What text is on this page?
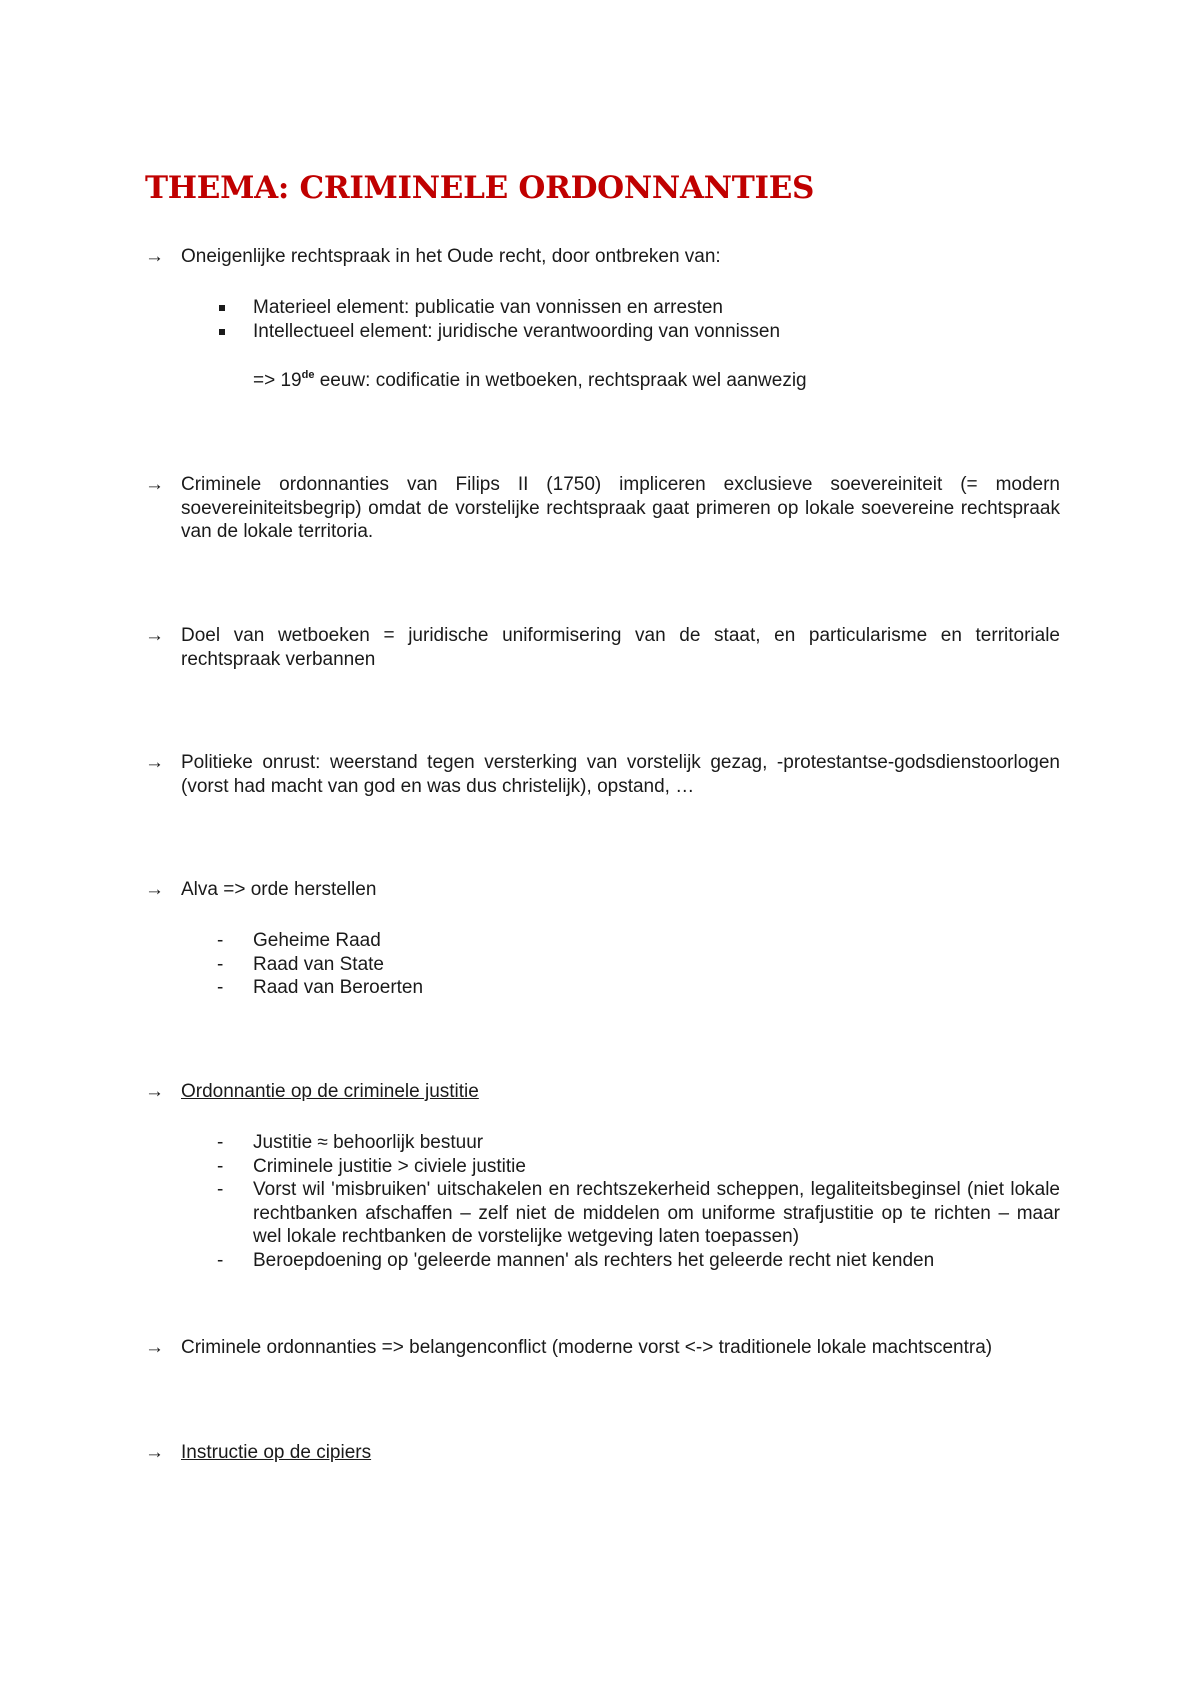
THEMA: CRIMINELE ORDONNANTIES
→ Oneigenlijke rechtspraak in het Oude recht, door ontbreken van:
Materieel element: publicatie van vonnissen en arresten
Intellectueel element: juridische verantwoording van vonnissen
=> 19de eeuw: codificatie in wetboeken, rechtspraak wel aanwezig
→ Criminele ordonnanties van Filips II (1750) impliceren exclusieve soevereiniteit (= modern soevereiniteitsbegrip) omdat de vorstelijke rechtspraak gaat primeren op lokale soevereine rechtspraak van de lokale territoria.
→ Doel van wetboeken = juridische uniformisering van de staat, en particularisme en territoriale rechtspraak verbannen
→ Politieke onrust: weerstand tegen versterking van vorstelijk gezag, -protestantse-godsdienstoorlogen (vorst had macht van god en was dus christelijk), opstand, …
→ Alva => orde herstellen
-	Geheime Raad
-	Raad van State
-	Raad van Beroerten
→ Ordonnantie op de criminele justitie
-	Justitie ≈ behoorlijk bestuur
-	Criminele justitie > civiele justitie
-	Vorst wil 'misbruiken' uitschakelen en rechtszekerheid scheppen, legaliteitsbeginsel (niet lokale rechtbanken afschaffen – zelf niet de middelen om uniforme strafjustitie op te richten – maar wel lokale rechtbanken de vorstelijke wetgeving laten toepassen)
-	Beroepdoening op 'geleerde mannen' als rechters het geleerde recht niet kenden
→ Criminele ordonnanties => belangenconflict (moderne vorst <-> traditionele lokale machtscentra)
→ Instructie op de cipiers
